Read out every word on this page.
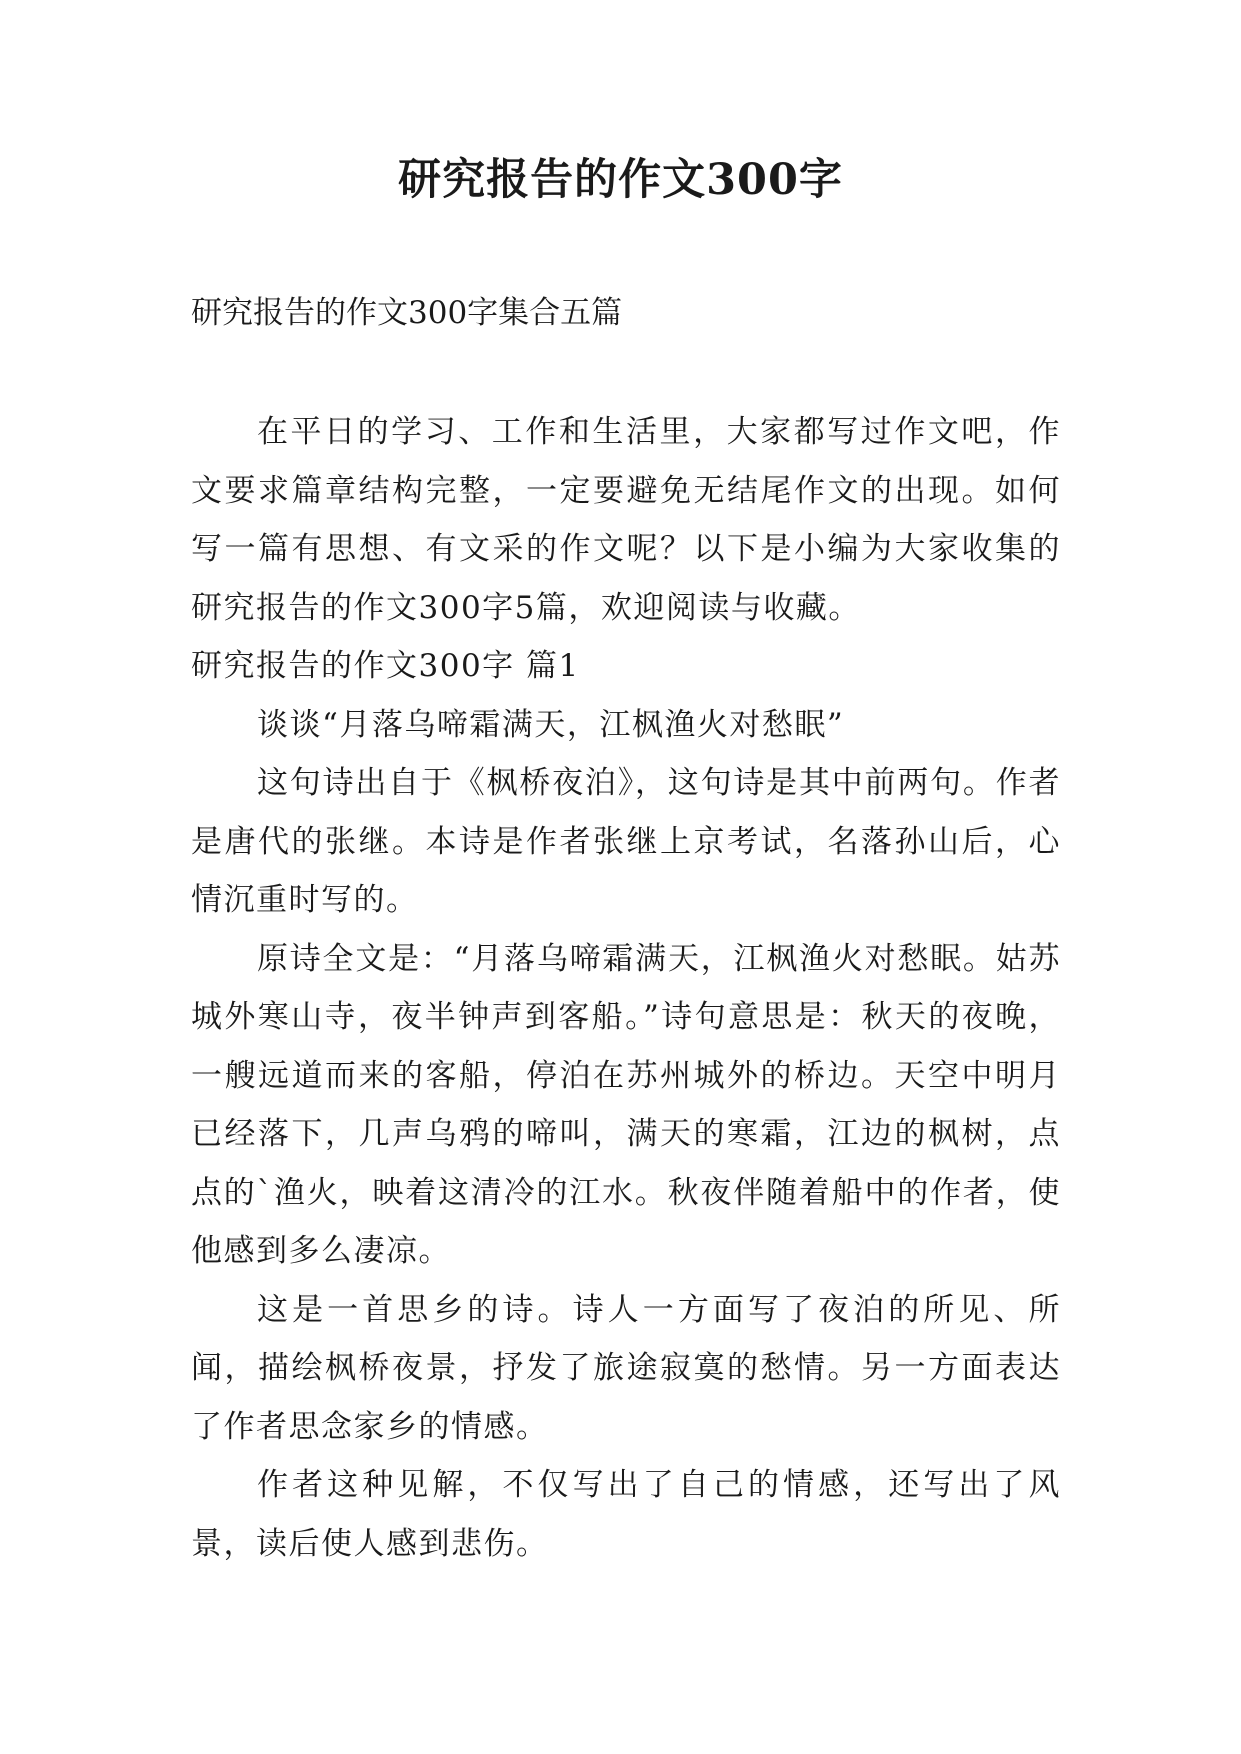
研究报告的作文300字
研究报告的作文300字集合五篇

在平日的学习、工作和生活里，大家都写过作文吧，作文要求篇章结构完整，一定要避免无结尾作文的出现。如何写一篇有思想、有文采的作文呢？以下是小编为大家收集的研究报告的作文300字5篇，欢迎阅读与收藏。

研究报告的作文300字 篇1

谈谈“月落乌啼霜满天，江枫渔火对愁眠”

这句诗出自于《枫桥夜泊》，这句诗是其中前两句。作者是唐代的张继。本诗是作者张继上京考试，名落孙山后，心情沉重时写的。

原诗全文是：“月落乌啼霜满天，江枫渔火对愁眠。姑苏城外寒山寺，夜半钟声到客船。”诗句意思是：秋天的夜晚，一艘远道而来的客船，停泊在苏州城外的桥边。天空中明月已经落下，几声乌鸦的啼叫，满天的寒霜，江边的枫树，点点的`渔火，映着这清冷的江水。秋夜伴随着船中的作者，使他感到多么凄凉。

这是一首思乡的诗。诗人一方面写了夜泊的所见、所闻，描绘枫桥夜景，抒发了旅途寂寞的愁情。另一方面表达了作者思念家乡的情感。

作者这种见解，不仅写出了自己的情感，还写出了风景，读后使人感到悲伤。
